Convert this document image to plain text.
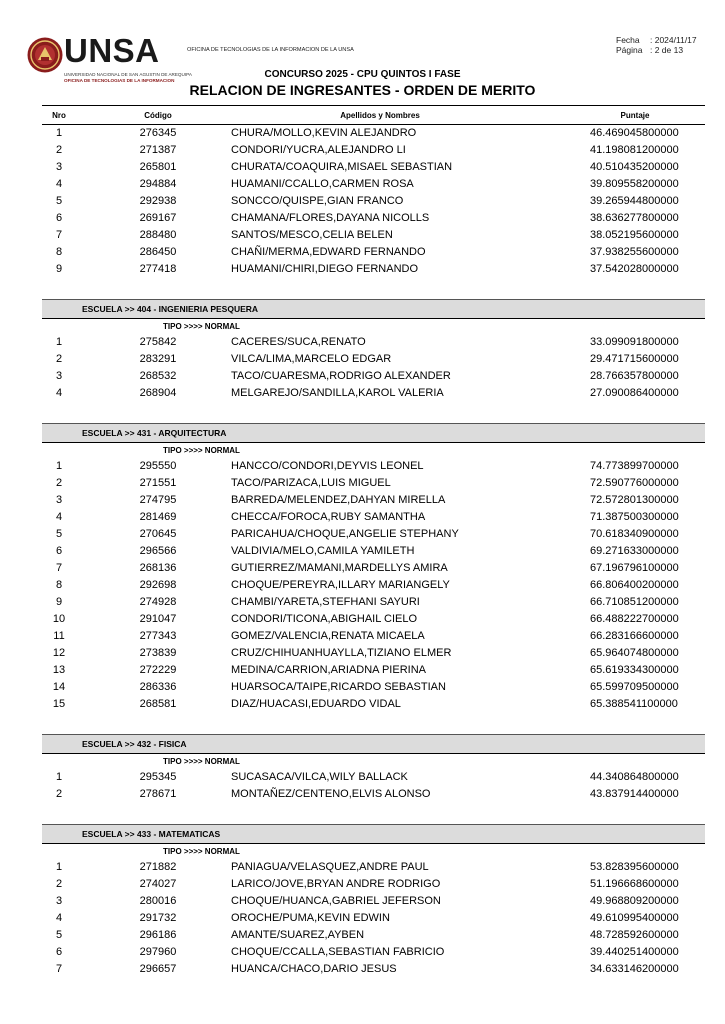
UNSA
UNIVERSIDAD NACIONAL DE SAN AGUSTIN DE AREQUIPA
OFICINA DE TECNOLOGIAS DE LA INFORMACION
OFICINA DE TECNOLOGIAS DE LA INFORMACION DE LA UNSA
Fecha : 2024/11/17
Página : 2 de 13
CONCURSO 2025 - CPU QUINTOS I FASE
RELACION DE INGRESANTES - ORDEN DE MERITO
Nro	Código	Apellidos y Nombres	Puntaje
1	276345	CHURA/MOLLO,KEVIN ALEJANDRO	46.469045800000
2	271387	CONDORI/YUCRA,ALEJANDRO LI	41.198081200000
3	265801	CHURATA/COAQUIRA,MISAEL SEBASTIAN	40.510435200000
4	294884	HUAMANI/CCALLO,CARMEN ROSA	39.809558200000
5	292938	SONCCO/QUISPE,GIAN FRANCO	39.265944800000
6	269167	CHAMANA/FLORES,DAYANA NICOLLS	38.636277800000
7	288480	SANTOS/MESCO,CELIA BELEN	38.052195600000
8	286450	CHAÑI/MERMA,EDWARD FERNANDO	37.938255600000
9	277418	HUAMANI/CHIRI,DIEGO FERNANDO	37.542028000000
ESCUELA >> 404 - INGENIERIA PESQUERA
TIPO >>>> NORMAL
1	275842	CACERES/SUCA,RENATO	33.099091800000
2	283291	VILCA/LIMA,MARCELO EDGAR	29.471715600000
3	268532	TACO/CUARESMA,RODRIGO ALEXANDER	28.766357800000
4	268904	MELGAREJO/SANDILLA,KAROL VALERIA	27.090086400000
ESCUELA >> 431 - ARQUITECTURA
TIPO >>>> NORMAL
1	295550	HANCCO/CONDORI,DEYVIS LEONEL	74.773899700000
2	271551	TACO/PARIZACA,LUIS MIGUEL	72.590776000000
3	274795	BARREDA/MELENDEZ,DAHYAN MIRELLA	72.572801300000
4	281469	CHECCA/FOROCA,RUBY SAMANTHA	71.387500300000
5	270645	PARICAHUA/CHOQUE,ANGELIE STEPHANY	70.618340900000
6	296566	VALDIVIA/MELO,CAMILA YAMILETH	69.271633000000
7	268136	GUTIERREZ/MAMANI,MARDELLYS AMIRA	67.196796100000
8	292698	CHOQUE/PEREYRA,ILLARY MARIANGELY	66.806400200000
9	274928	CHAMBI/YARETA,STEFHANI SAYURI	66.710851200000
10	291047	CONDORI/TICONA,ABIGHAIL CIELO	66.488222700000
11	277343	GOMEZ/VALENCIA,RENATA MICAELA	66.283166600000
12	273839	CRUZ/CHIHUANHUAYLLA,TIZIANO ELMER	65.964074800000
13	272229	MEDINA/CARRION,ARIADNA PIERINA	65.619334300000
14	286336	HUARSOCA/TAIPE,RICARDO SEBASTIAN	65.599709500000
15	268581	DIAZ/HUACASI,EDUARDO VIDAL	65.388541100000
ESCUELA >> 432 - FISICA
TIPO >>>> NORMAL
1	295345	SUCASACA/VILCA,WILY BALLACK	44.340864800000
2	278671	MONTAÑEZ/CENTENO,ELVIS ALONSO	43.837914400000
ESCUELA >> 433 - MATEMATICAS
TIPO >>>> NORMAL
1	271882	PANIAGUA/VELASQUEZ,ANDRE PAUL	53.828395600000
2	274027	LARICO/JOVE,BRYAN ANDRE RODRIGO	51.196668600000
3	280016	CHOQUE/HUANCA,GABRIEL JEFERSON	49.968809200000
4	291732	OROCHE/PUMA,KEVIN EDWIN	49.610995400000
5	296186	AMANTE/SUAREZ,AYBEN	48.728592600000
6	297960	CHOQUE/CCALLA,SEBASTIAN FABRICIO	39.440251400000
7	296657	HUANCA/CHACO,DARIO JESUS	34.633146200000
